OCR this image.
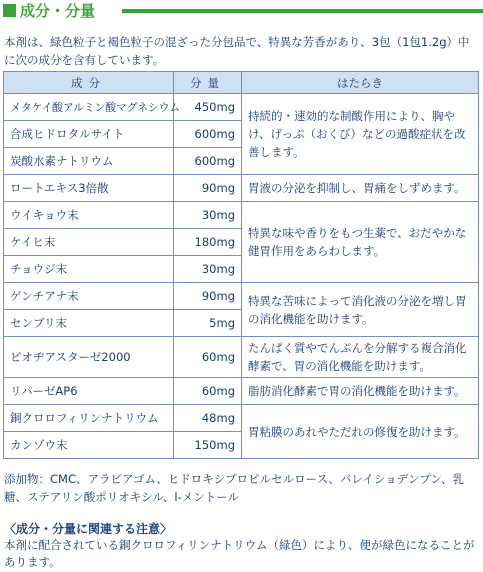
成分・分量
本剤は、緑色粒子と褐色粒子の混ざった分包品で、特異な芳香があり、3包（1包1.2g）中に次の成分を含有しています。
成分	分量	はたらき
メタケイ酸アルミン酸マグネシウム	450mg	持続的・速効的な制酸作用により、胸やけ、げっぷ（おくび）などの過酸症状を改善します。
合成ヒドロタルサイト	600mg	
炭酸水素ナトリウム	600mg	
ロートエキス3倍散	90mg	胃液の分泌を抑制し、胃痛をしずめます。
ウイキョウ末	30mg	特異な味や香りをもつ生薬で、おだやかな健胃作用をあらわします。
ケイヒ末	180mg	
チョウジ末	30mg	
ゲンチアナ末	90mg	特異な苦味によって消化液の分泌を増し胃の消化機能を助けます。
センブリ末	5mg	
ビオヂアスターゼ2000	60mg	たんぱく質やでんぷんを分解する複合消化酵素で、胃の消化機能を助けます。
リパーゼAP6	60mg	脂肪消化酵素で胃の消化機能を助けます。
銅クロロフィリンナトリウム	48mg	胃粘膜のあれやただれの修復を助けます。
カンゾウ末	150mg	
添加物：CMC、アラビアゴム、ヒドロキシプロピルセルロース、バレイショデンプン、乳糖、ステアリン酸ポリオキシル、l-メントール
〈成分・分量に関連する注意〉
本剤に配合されている銅クロロフィリンナトリウム（緑色）により、便が緑色になることがあります。
